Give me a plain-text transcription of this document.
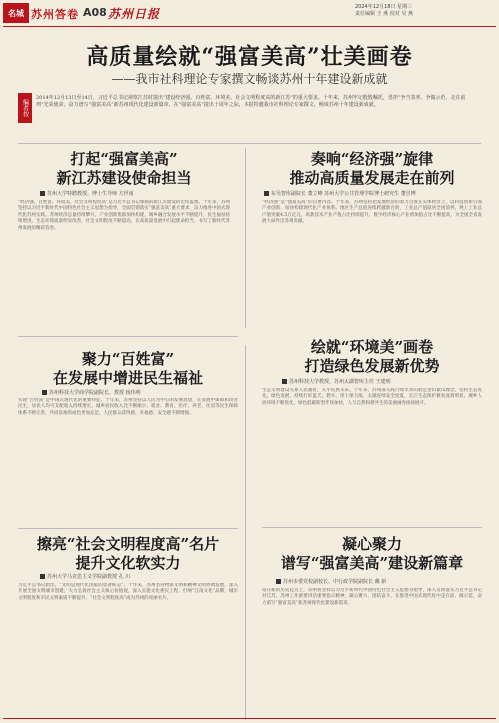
名城 苏州答卷 A08 苏州日报	2024年12月18日 星期三
责任编辑 王 燕 校对 吴 燕
高质量绘就“强富美高”壮美画卷
——我市社科理论专家撰文畅谈苏州十年建设新成就
编者按
2014年12月13日至14日，习近平总书记视察江苏时提出“建设经济强、百姓富、环境美、社会文明程度高的新江苏”的重大要求。十年来，苏州牢记殷殷嘱托，勇担“争当表率、争做示范、走在前列”光荣使命，奋力谱写“强富美高”新苏州现代化建设新篇章。在“强富美高”提出十周年之际，本报特邀我市社科理论专家撰文，畅谈苏州十年建设新成就。
打起“强富美高”
新江苏建设使命担当
苏州大学特聘教授、博士生导师 方世南
“经济强、百姓富、环境美、社会文明程度高”是习近平总书记擘画的新江苏建设的宏伟蓝图。十年来，苏州坚持以习近平新时代中国特色社会主义思想为指导，全面贯彻落实“强富美高”重大要求，奋力推进中国式现代化苏州实践。苏州经济总量持续攀升，产业创新集群加快构建，城乡融合发展水平不断提升，民生福祉持续增进，生态环境质量明显改善，社会文明程度不断提高，在高质量发展中打起使命担当，书写了新时代苏州发展的精彩答卷。
奏响“经济强”旋律
推动高质量发展走在前列
东吴智库副院长 董立峰 苏州大学公共管理学院博士研究生 董昱博
“经济强”是“强富美高”的首要内容。十年来，苏州坚持把发展经济的着力点放在实体经济上，以科技创新引领产业创新，加快构建现代化产业体系。地区生产总值连续跨越新台阶，工业总产值稳居全国前列，规上工业总产值突破4.5万亿元，高新技术产业产值占比持续提升，数字经济核心产业增加值占比不断提高，为全国全省发展大局作出苏州贡献。
聚力“百姓富”
在发展中增进民生福祉
苏州科技大学商学院副院长、教授 杨伟明
实现“百姓富”是中国式现代化的重要特征。十年来，苏州坚持以人民为中心的发展思想，在发展中保障和改善民生，居民人均可支配收入持续增长，城乡居民收入比不断缩小，就业、教育、医疗、养老、住房等民生保障体系不断完善，共同富裕的成色更加充足，人民群众获得感、幸福感、安全感不断增强。
绘就“环境美”画卷
打造绿色发展新优势
苏州科技大学教授、苏州太湖智库主任 王建明
生态文明建设关系人民福祉，关乎民族未来。十年来，苏州深入践行绿水青山就是金山银山理念，坚持生态优先、绿色发展，持续打好蓝天、碧水、净土保卫战，太湖连续安全度夏，长江生态保护修复成效明显，城乡人居环境不断优化，绿色低碳转型步伐加快，人与自然和谐共生的美丽画卷徐徐展开。
擦亮“社会文明程度高”名片
提升文化软实力
苏州大学马克思主义学院副教授 孔 川
习近平总书记指出，“文明是现代化国家的显著标志”。十年来，苏州坚持物质文明和精神文明协调发展，深入开展全国文明城市创建，大力弘扬社会主义核心价值观，深入实施文化惠民工程，打响“江南文化”品牌，城市文明程度和市民文明素质不断提升，“社会文明程度高”成为苏州的亮丽名片。
凝心聚力
谱写“强富美高”建设新篇章
苏州市委党校副校长、中行政学院副院长 戴 新
站在新的历史起点上，苏州将坚持以习近平新时代中国特色社会主义思想为指导，深入贯彻落实习近平总书记对江苏、苏州工作重要讲话重要指示精神，凝心聚力、团结奋斗，在推进中国式现代化中走在前、做示范，奋力谱写“强富美高”新苏州现代化建设新篇章。
